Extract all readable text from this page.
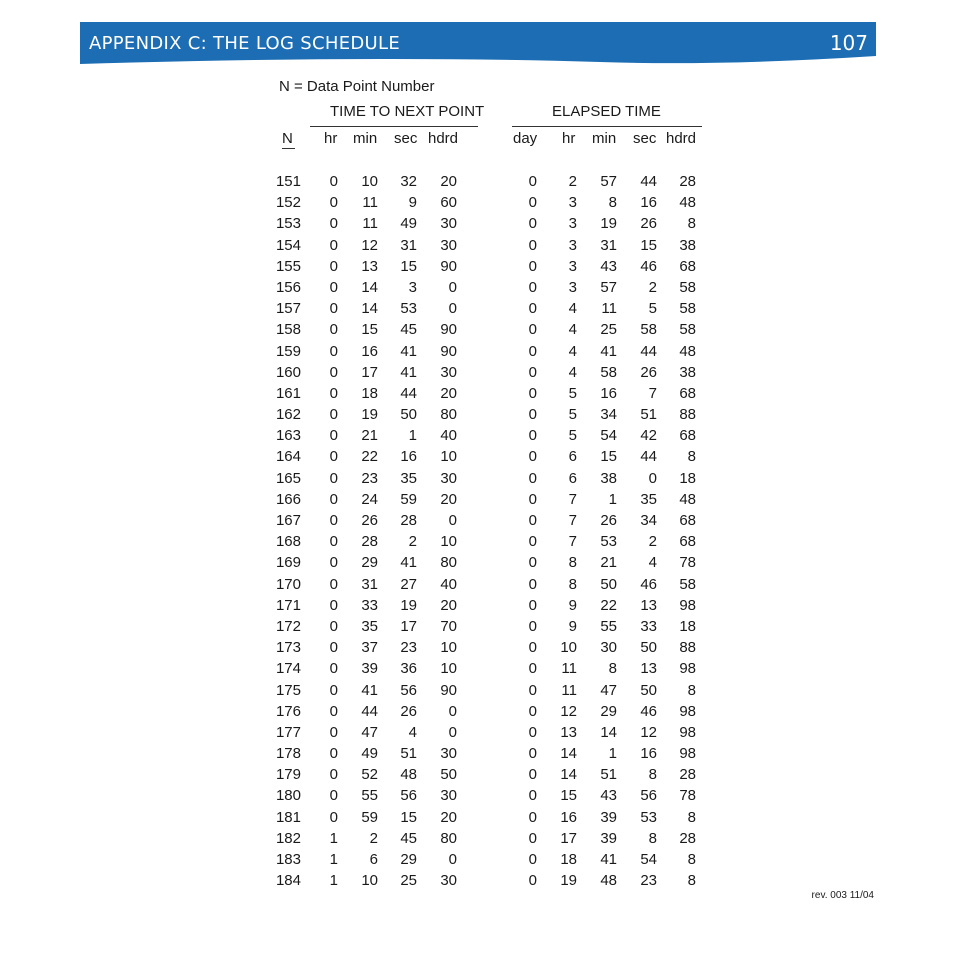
APPENDIX C: THE LOG SCHEDULE	107
N = Data Point Number
TIME TO NEXT POINT	ELAPSED TIME
N hr min sec hdrd	day hr min sec hdrd
151	0	10	32	20	0	2	57	44	28
152	0	11	9	60	0	3	8	16	48
153	0	11	49	30	0	3	19	26	8
154	0	12	31	30	0	3	31	15	38
155	0	13	15	90	0	3	43	46	68
156	0	14	3	0	0	3	57	2	58
157	0	14	53	0	0	4	11	5	58
158	0	15	45	90	0	4	25	58	58
159	0	16	41	90	0	4	41	44	48
160	0	17	41	30	0	4	58	26	38
161	0	18	44	20	0	5	16	7	68
162	0	19	50	80	0	5	34	51	88
163	0	21	1	40	0	5	54	42	68
164	0	22	16	10	0	6	15	44	8
165	0	23	35	30	0	6	38	0	18
166	0	24	59	20	0	7	1	35	48
167	0	26	28	0	0	7	26	34	68
168	0	28	2	10	0	7	53	2	68
169	0	29	41	80	0	8	21	4	78
170	0	31	27	40	0	8	50	46	58
171	0	33	19	20	0	9	22	13	98
172	0	35	17	70	0	9	55	33	18
173	0	37	23	10	0	10	30	50	88
174	0	39	36	10	0	11	8	13	98
175	0	41	56	90	0	11	47	50	8
176	0	44	26	0	0	12	29	46	98
177	0	47	4	0	0	13	14	12	98
178	0	49	51	30	0	14	1	16	98
179	0	52	48	50	0	14	51	8	28
180	0	55	56	30	0	15	43	56	78
181	0	59	15	20	0	16	39	53	8
182	1	2	45	80	0	17	39	8	28
183	1	6	29	0	0	18	41	54	8
184	1	10	25	30	0	19	48	23	8
rev. 003 11/04
